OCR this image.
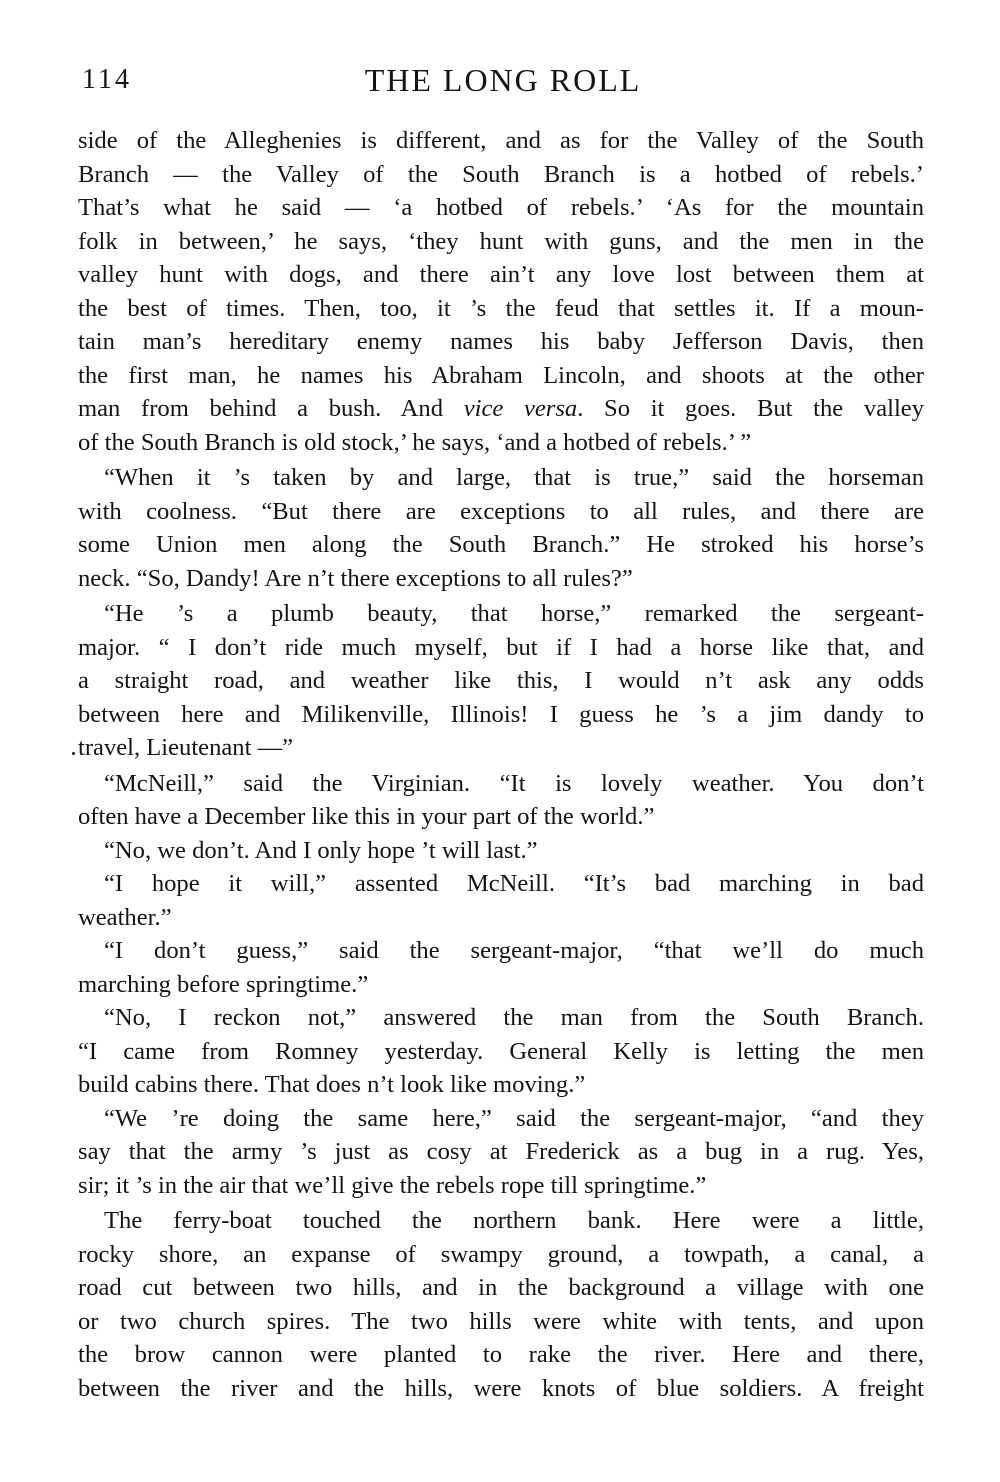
114	THE LONG ROLL
side of the Alleghenies is different, and as for the Valley of the South
Branch — the Valley of the South Branch is a hotbed of rebels.’
That’s what he said — ‘a hotbed of rebels.’ ‘As for the mountain
folk in between,’ he says, ‘they hunt with guns, and the men in the
valley hunt with dogs, and there ain’t any love lost between them at
the best of times. Then, too, it ’s the feud that settles it. If a moun-
tain man’s hereditary enemy names his baby Jefferson Davis, then
the first man, he names his Abraham Lincoln, and shoots at the other
man from behind a bush. And vice versa. So it goes. But the valley
of the South Branch is old stock,’ he says, ‘and a hotbed of rebels.’ ”
“When it ’s taken by and large, that is true,” said the horseman
with coolness. “But there are exceptions to all rules, and there are
some Union men along the South Branch.” He stroked his horse’s
neck. “So, Dandy! Are n’t there exceptions to all rules?”
“He ’s a plumb beauty, that horse,” remarked the sergeant-
major. “ I don’t ride much myself, but if I had a horse like that, and
a straight road, and weather like this, I would n’t ask any odds
between here and Milikenville, Illinois! I guess he ’s a jim dandy to
travel, Lieutenant —”
“McNeill,” said the Virginian. “It is lovely weather. You don’t
often have a December like this in your part of the world.”
“No, we don’t. And I only hope ’t will last.”
“I hope it will,” assented McNeill. “It’s bad marching in bad
weather.”
“I don’t guess,” said the sergeant-major, “that we’ll do much
marching before springtime.”
“No, I reckon not,” answered the man from the South Branch.
“I came from Romney yesterday. General Kelly is letting the men
build cabins there. That does n’t look like moving.”
“We ’re doing the same here,” said the sergeant-major, “and they
say that the army ’s just as cosy at Frederick as a bug in a rug. Yes,
sir; it ’s in the air that we’ll give the rebels rope till springtime.”
The ferry-boat touched the northern bank. Here were a little,
rocky shore, an expanse of swampy ground, a towpath, a canal, a
road cut between two hills, and in the background a village with one
or two church spires. The two hills were white with tents, and upon
the brow cannon were planted to rake the river. Here and there,
between the river and the hills, were knots of blue soldiers. A freight
